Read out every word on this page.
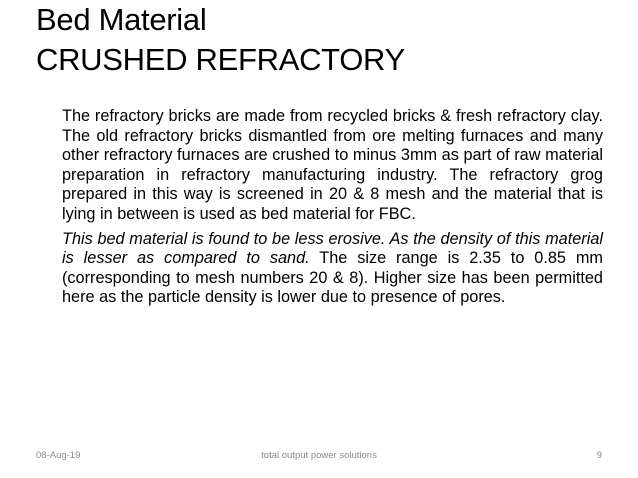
Bed Material
CRUSHED REFRACTORY

The refractory bricks are made from recycled bricks & fresh refractory clay. The old refractory bricks dismantled from ore melting furnaces and many other refractory furnaces are crushed to minus 3mm as part of raw material preparation in refractory manufacturing industry. The refractory grog prepared in this way is screened in 20 & 8 mesh and the material that is lying in between is used as bed material for FBC.

This bed material is found to be less erosive. As the density of this material is lesser as compared to sand. The size range is 2.35 to 0.85 mm (corresponding to mesh numbers 20 & 8). Higher size has been permitted here as the particle density is lower due to presence of pores.

08-Aug-19	total output power solutions	9
